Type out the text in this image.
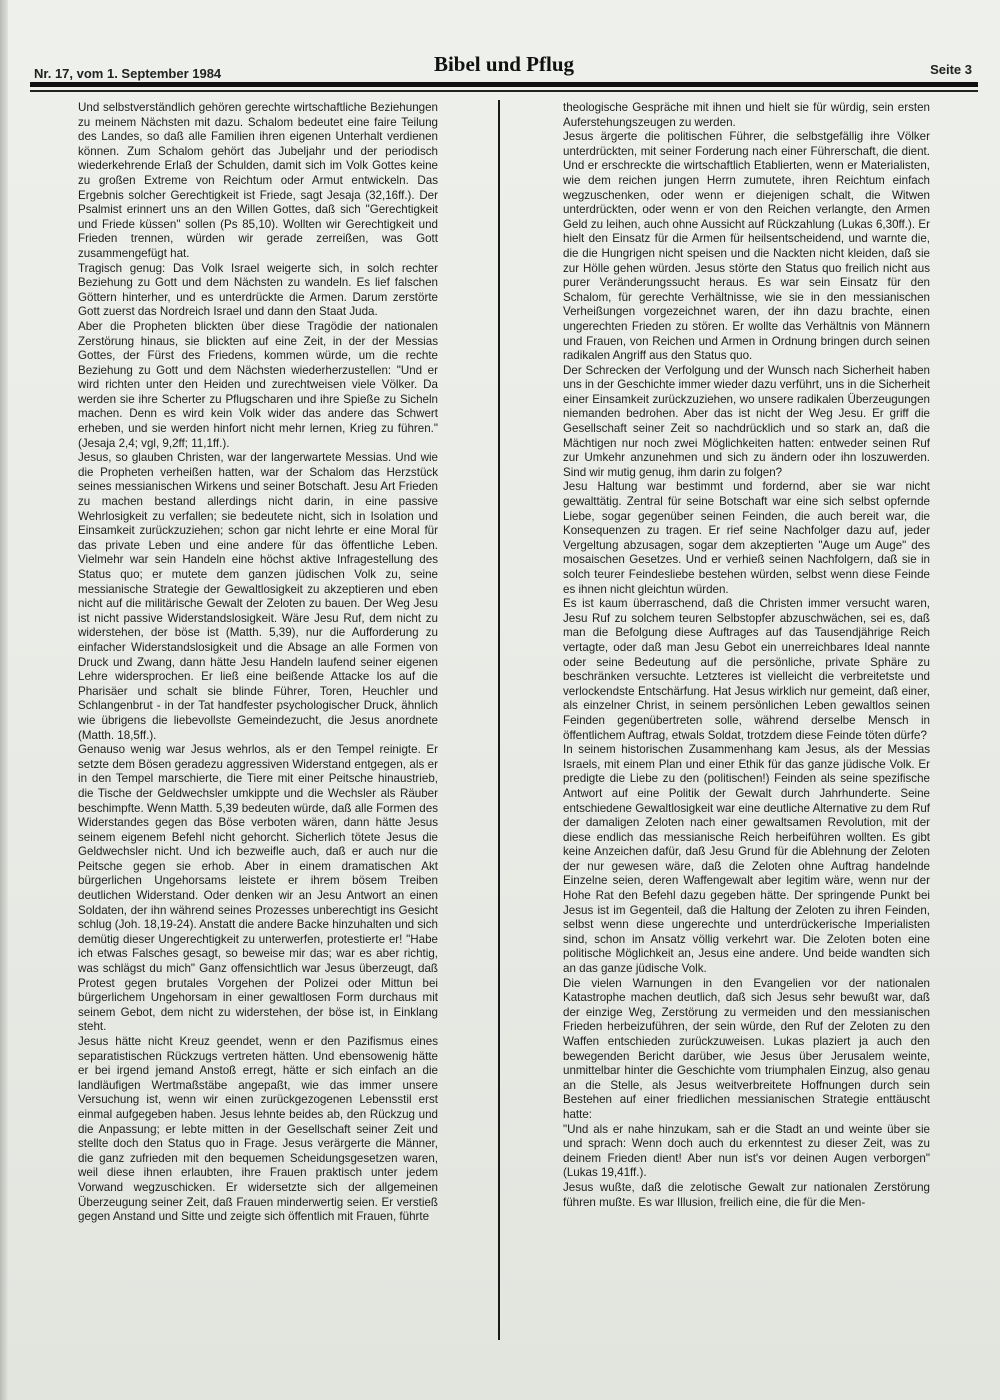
Nr. 17, vom 1. September 1984	Bibel und Pflug	Seite 3

Und selbstverständlich gehören gerechte wirtschaftliche Beziehungen zu meinem Nächsten mit dazu. Schalom bedeutet eine faire Teilung des Landes, so daß alle Familien ihren eigenen Unterhalt verdienen können. Zum Schalom gehört das Jubeljahr und der periodisch wiederkehrende Erlaß der Schulden, damit sich im Volk Gottes keine zu großen Extreme von Reichtum oder Armut entwickeln. Das Ergebnis solcher Gerechtigkeit ist Friede, sagt Jesaja (32,16ff.). Der Psalmist erinnert uns an den Willen Gottes, daß sich "Gerechtigkeit und Friede küssen" sollen (Ps 85,10). Wollten wir Gerechtigkeit und Frieden trennen, würden wir gerade zerreißen, was Gott zusammengefügt hat.

Tragisch genug: Das Volk Israel weigerte sich, in solch rechter Beziehung zu Gott und dem Nächsten zu wandeln. Es lief falschen Göttern hinterher, und es unterdrückte die Armen. Darum zerstörte Gott zuerst das Nordreich Israel und dann den Staat Juda.

Aber die Propheten blickten über diese Tragödie der nationalen Zerstörung hinaus, sie blickten auf eine Zeit, in der der Messias Gottes, der Fürst des Friedens, kommen würde, um die rechte Beziehung zu Gott und dem Nächsten wiederherzustellen: "Und er wird richten unter den Heiden und zurechtweisen viele Völker. Da werden sie ihre Scherter zu Pflugscharen und ihre Spieße zu Sicheln machen. Denn es wird kein Volk wider das andere das Schwert erheben, und sie werden hinfort nicht mehr lernen, Krieg zu führen." (Jesaja 2,4; vgl, 9,2ff; 11,1ff.).

Jesus, so glauben Christen, war der langerwartete Messias. Und wie die Propheten verheißen hatten, war der Schalom das Herzstück seines messianischen Wirkens und seiner Botschaft. Jesu Art Frieden zu machen bestand allerdings nicht darin, in eine passive Wehrlosigkeit zu verfallen; sie bedeutete nicht, sich in Isolation und Einsamkeit zurückzuziehen; schon gar nicht lehrte er eine Moral für das private Leben und eine andere für das öffentliche Leben. Vielmehr war sein Handeln eine höchst aktive Infragestellung des Status quo; er mutete dem ganzen jüdischen Volk zu, seine messianische Strategie der Gewaltlosigkeit zu akzeptieren und eben nicht auf die militärische Gewalt der Zeloten zu bauen. Der Weg Jesu ist nicht passive Widerstandslosigkeit. Wäre Jesu Ruf, dem nicht zu widerstehen, der böse ist (Matth. 5,39), nur die Aufforderung zu einfacher Widerstandslosigkeit und die Absage an alle Formen von Druck und Zwang, dann hätte Jesu Handeln laufend seiner eigenen Lehre widersprochen. Er ließ eine beißende Attacke los auf die Pharisäer und schalt sie blinde Führer, Toren, Heuchler und Schlangenbrut - in der Tat handfester psychologischer Druck, ähnlich wie übrigens die liebevollste Gemeindezucht, die Jesus anordnete (Matth. 18,5ff.).

Genauso wenig war Jesus wehrlos, als er den Tempel reinigte. Er setzte dem Bösen geradezu aggressiven Widerstand entgegen, als er in den Tempel marschierte, die Tiere mit einer Peitsche hinaustrieb, die Tische der Geldwechsler umkippte und die Wechsler als Räuber beschimpfte. Wenn Matth. 5,39 bedeuten würde, daß alle Formen des Widerstandes gegen das Böse verboten wären, dann hätte Jesus seinem eigenem Befehl nicht gehorcht. Sicherlich tötete Jesus die Geldwechsler nicht. Und ich bezweifle auch, daß er auch nur die Peitsche gegen sie erhob. Aber in einem dramatischen Akt bürgerlichen Ungehorsams leistete er ihrem bösem Treiben deutlichen Widerstand. Oder denken wir an Jesu Antwort an einen Soldaten, der ihn während seines Prozesses unberechtigt ins Gesicht schlug (Joh. 18,19-24). Anstatt die andere Backe hinzuhalten und sich demütig dieser Ungerechtigkeit zu unterwerfen, protestierte er! "Habe ich etwas Falsches gesagt, so beweise mir das; war es aber richtig, was schlägst du mich" Ganz offensichtlich war Jesus überzeugt, daß Protest gegen brutales Vorgehen der Polizei oder Mittun bei bürgerlichem Ungehorsam in einer gewaltlosen Form durchaus mit seinem Gebot, dem nicht zu widerstehen, der böse ist, in Einklang steht.

Jesus hätte nicht Kreuz geendet, wenn er den Pazifismus eines separatistischen Rückzugs vertreten hätten. Und ebensowenig hätte er bei irgend jemand Anstoß erregt, hätte er sich einfach an die landläufigen Wertmaßstäbe angepaßt, wie das immer unsere Versuchung ist, wenn wir einen zurückgezogenen Lebensstil erst einmal aufgegeben haben. Jesus lehnte beides ab, den Rückzug und die Anpassung; er lebte mitten in der Gesellschaft seiner Zeit und stellte doch den Status quo in Frage. Jesus verärgerte die Männer, die ganz zufrieden mit den bequemen Scheidungsgesetzen waren, weil diese ihnen erlaubten, ihre Frauen praktisch unter jedem Vorwand wegzuschicken. Er widersetzte sich der allgemeinen Überzeugung seiner Zeit, daß Frauen minderwertig seien. Er verstieß gegen Anstand und Sitte und zeigte sich öffentlich mit Frauen, führte

theologische Gespräche mit ihnen und hielt sie für würdig, sein ersten Auferstehungszeugen zu werden.

Jesus ärgerte die politischen Führer, die selbstgefällig ihre Völker unterdrückten, mit seiner Forderung nach einer Führerschaft, die dient. Und er erschreckte die wirtschaftlich Etablierten, wenn er Materialisten, wie dem reichen jungen Herrn zumutete, ihren Reichtum einfach wegzuschenken, oder wenn er diejenigen schalt, die Witwen unterdrückten, oder wenn er von den Reichen verlangte, den Armen Geld zu leihen, auch ohne Aussicht auf Rückzahlung (Lukas 6,30ff.). Er hielt den Einsatz für die Armen für heilsentscheidend, und warnte die, die die Hungrigen nicht speisen und die Nackten nicht kleiden, daß sie zur Hölle gehen würden. Jesus störte den Status quo freilich nicht aus purer Veränderungssucht heraus. Es war sein Einsatz für den Schalom, für gerechte Verhältnisse, wie sie in den messianischen Verheißungen vorgezeichnet waren, der ihn dazu brachte, einen ungerechten Frieden zu stören. Er wollte das Verhältnis von Männern und Frauen, von Reichen und Armen in Ordnung bringen durch seinen radikalen Angriff aus den Status quo.

Der Schrecken der Verfolgung und der Wunsch nach Sicherheit haben uns in der Geschichte immer wieder dazu verführt, uns in die Sicherheit einer Einsamkeit zurückzuziehen, wo unsere radikalen Überzeugungen niemanden bedrohen. Aber das ist nicht der Weg Jesu. Er griff die Gesellschaft seiner Zeit so nachdrücklich und so stark an, daß die Mächtigen nur noch zwei Möglichkeiten hatten: entweder seinen Ruf zur Umkehr anzunehmen und sich zu ändern oder ihn loszuwerden. Sind wir mutig genug, ihm darin zu folgen?

Jesu Haltung war bestimmt und fordernd, aber sie war nicht gewalttätig. Zentral für seine Botschaft war eine sich selbst opfernde Liebe, sogar gegenüber seinen Feinden, die auch bereit war, die Konsequenzen zu tragen. Er rief seine Nachfolger dazu auf, jeder Vergeltung abzusagen, sogar dem akzeptierten "Auge um Auge" des mosaischen Gesetzes. Und er verhieß seinen Nachfolgern, daß sie in solch teurer Feindesliebe bestehen würden, selbst wenn diese Feinde es ihnen nicht gleichtun würden.

Es ist kaum überraschend, daß die Christen immer versucht waren, Jesu Ruf zu solchem teuren Selbstopfer abzuschwächen, sei es, daß man die Befolgung diese Auftrages auf das Tausendjährige Reich vertagte, oder daß man Jesu Gebot ein unerreichbares Ideal nannte oder seine Bedeutung auf die persönliche, private Sphäre zu beschränken versuchte. Letzteres ist vielleicht die verbreitetste und verlockendste Entschärfung. Hat Jesus wirklich nur gemeint, daß einer, als einzelner Christ, in seinem persönlichen Leben gewaltlos seinen Feinden gegenübertreten solle, während derselbe Mensch in öffentlichem Auftrag, etwals Soldat, trotzdem diese Feinde töten dürfe?

In seinem historischen Zusammenhang kam Jesus, als der Messias Israels, mit einem Plan und einer Ethik für das ganze jüdische Volk. Er predigte die Liebe zu den (politischen!) Feinden als seine spezifische Antwort auf eine Politik der Gewalt durch Jahrhunderte. Seine entschiedene Gewaltlosigkeit war eine deutliche Alternative zu dem Ruf der damaligen Zeloten nach einer gewaltsamen Revolution, mit der diese endlich das messianische Reich herbeiführen wollten. Es gibt keine Anzeichen dafür, daß Jesu Grund für die Ablehnung der Zeloten der nur gewesen wäre, daß die Zeloten ohne Auftrag handelnde Einzelne seien, deren Waffengewalt aber legitim wäre, wenn nur der Hohe Rat den Befehl dazu gegeben hätte. Der springende Punkt bei Jesus ist im Gegenteil, daß die Haltung der Zeloten zu ihren Feinden, selbst wenn diese ungerechte und unterdrückerische Imperialisten sind, schon im Ansatz völlig verkehrt war. Die Zeloten boten eine politische Möglichkeit an, Jesus eine andere. Und beide wandten sich an das ganze jüdische Volk.

Die vielen Warnungen in den Evangelien vor der nationalen Katastrophe machen deutlich, daß sich Jesus sehr bewußt war, daß der einzige Weg, Zerstörung zu vermeiden und den messianischen Frieden herbeizuführen, der sein würde, den Ruf der Zeloten zu den Waffen entschieden zurückzuweisen. Lukas plaziert ja auch den bewegenden Bericht darüber, wie Jesus über Jerusalem weinte, unmittelbar hinter die Geschichte vom triumphalen Einzug, also genau an die Stelle, als Jesus weitverbreitete Hoffnungen durch sein Bestehen auf einer friedlichen messianischen Strategie enttäuscht hatte:

"Und als er nahe hinzukam, sah er die Stadt an und weinte über sie und sprach: Wenn doch auch du erkenntest zu dieser Zeit, was zu deinem Frieden dient! Aber nun ist's vor deinen Augen verborgen" (Lukas 19,41ff.).

Jesus wußte, daß die zelotische Gewalt zur nationalen Zerstörung führen mußte. Es war Illusion, freilich eine, die für die Men-
